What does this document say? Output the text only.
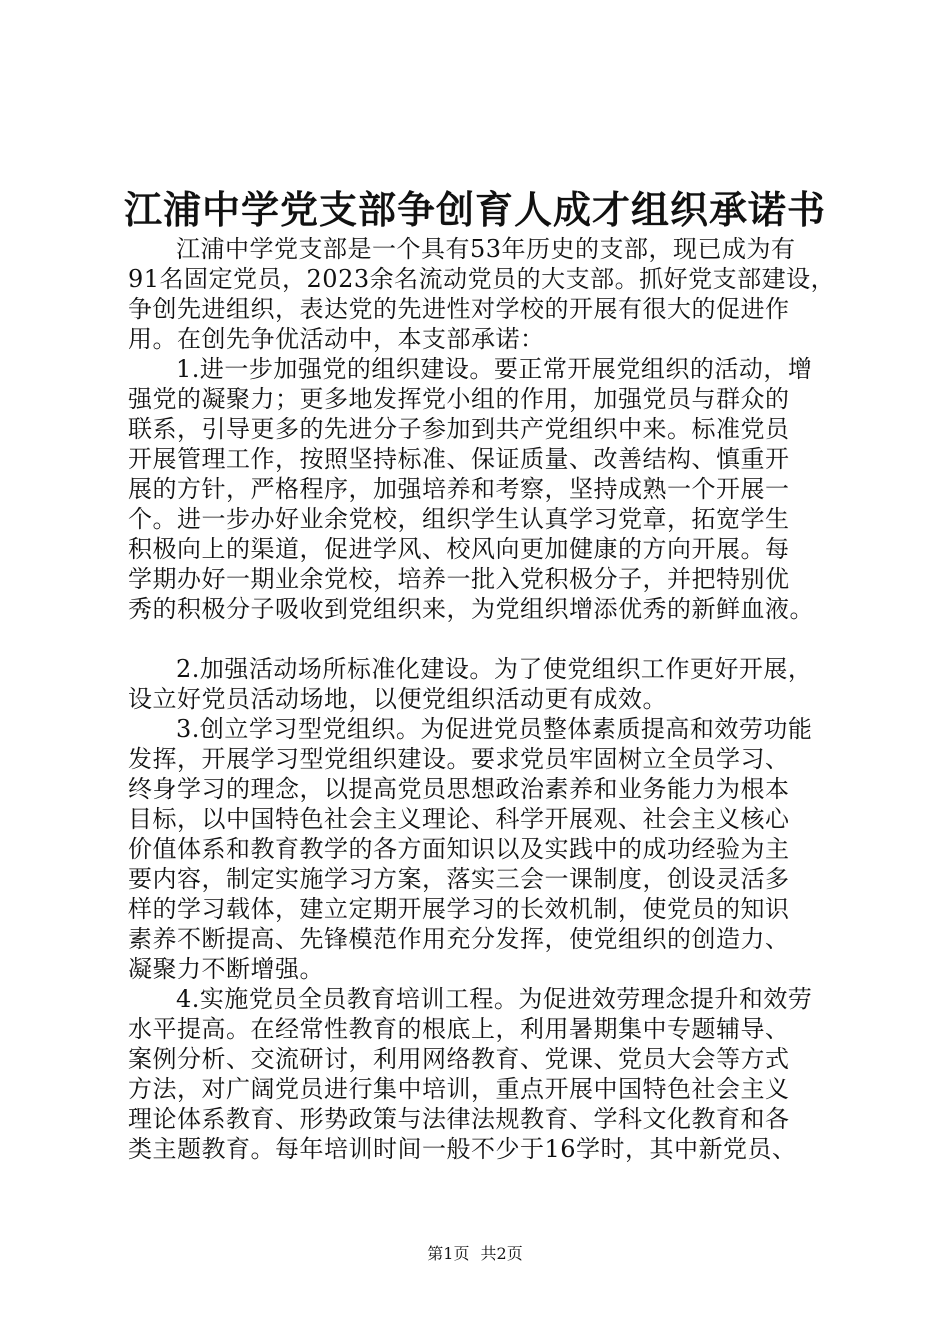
江浦中学党支部争创育人成才组织承诺书
江浦中学党支部是一个具有53年历史的支部，现已成为有
91名固定党员，2023余名流动党员的大支部。抓好党支部建设，
争创先进组织，表达党的先进性对学校的开展有很大的促进作
用。在创先争优活动中，本支部承诺：
1.进一步加强党的组织建设。要正常开展党组织的活动，增
强党的凝聚力；更多地发挥党小组的作用，加强党员与群众的
联系，引导更多的先进分子参加到共产党组织中来。标准党员
开展管理工作，按照坚持标准、保证质量、改善结构、慎重开
展的方针，严格程序，加强培养和考察，坚持成熟一个开展一
个。进一步办好业余党校，组织学生认真学习党章，拓宽学生
积极向上的渠道，促进学风、校风向更加健康的方向开展。每
学期办好一期业余党校，培养一批入党积极分子，并把特别优
秀的积极分子吸收到党组织来，为党组织增添优秀的新鲜血液。
2.加强活动场所标准化建设。为了使党组织工作更好开展，
设立好党员活动场地，以便党组织活动更有成效。
3.创立学习型党组织。为促进党员整体素质提高和效劳功能
发挥，开展学习型党组织建设。要求党员牢固树立全员学习、
终身学习的理念，以提高党员思想政治素养和业务能力为根本
目标，以中国特色社会主义理论、科学开展观、社会主义核心
价值体系和教育教学的各方面知识以及实践中的成功经验为主
要内容，制定实施学习方案，落实三会一课制度，创设灵活多
样的学习载体，建立定期开展学习的长效机制，使党员的知识
素养不断提高、先锋模范作用充分发挥，使党组织的创造力、
凝聚力不断增强。
4.实施党员全员教育培训工程。为促进效劳理念提升和效劳
水平提高。在经常性教育的根底上，利用暑期集中专题辅导、
案例分析、交流研讨，利用网络教育、党课、党员大会等方式
方法，对广阔党员进行集中培训，重点开展中国特色社会主义
理论体系教育、形势政策与法律法规教育、学科文化教育和各
类主题教育。每年培训时间一般不少于16学时，其中新党员、
第1页 共2页
